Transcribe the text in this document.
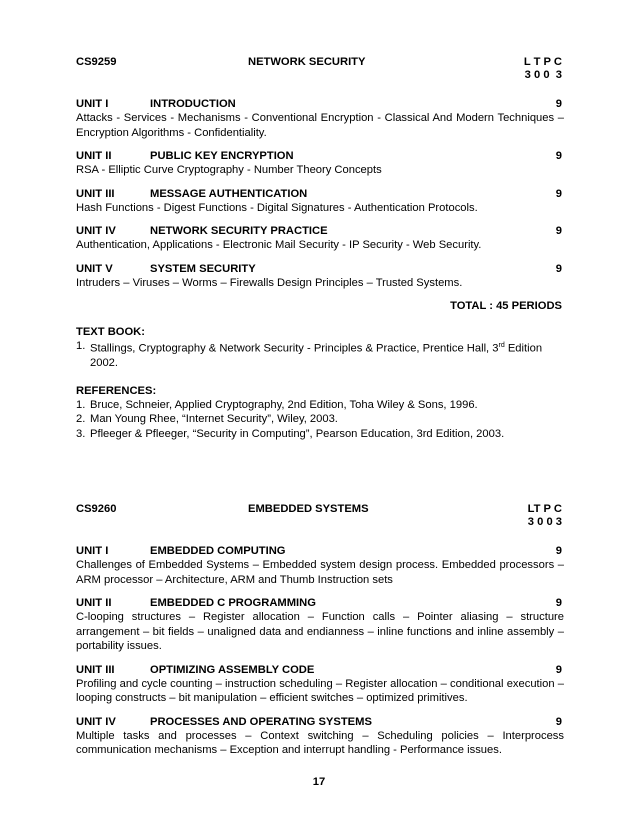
CS9259	NETWORK SECURITY	L T P C
3 0 0  3
UNIT I	INTRODUCTION	9
Attacks - Services - Mechanisms - Conventional Encryption - Classical And Modern Techniques – Encryption Algorithms - Confidentiality.
UNIT II	PUBLIC KEY ENCRYPTION	9
RSA - Elliptic Curve Cryptography - Number Theory Concepts
UNIT III	MESSAGE AUTHENTICATION	9
Hash Functions - Digest Functions - Digital Signatures - Authentication Protocols.
UNIT IV	NETWORK SECURITY PRACTICE	9
Authentication, Applications - Electronic Mail Security - IP Security - Web Security.
UNIT V	SYSTEM SECURITY	9
Intruders – Viruses – Worms – Firewalls Design Principles – Trusted Systems.
TOTAL : 45 PERIODS
TEXT BOOK:
1. Stallings, Cryptography & Network Security - Principles & Practice, Prentice Hall, 3rd Edition 2002.
REFERENCES:
1. Bruce, Schneier, Applied Cryptography, 2nd Edition, Toha Wiley & Sons, 1996.
2. Man Young Rhee, “Internet Security”, Wiley, 2003.
3. Pfleeger & Pfleeger, “Security in Computing”, Pearson Education, 3rd Edition, 2003.
CS9260	EMBEDDED SYSTEMS	LT P C
3 0 0 3
UNIT I	EMBEDDED COMPUTING	9
Challenges of Embedded Systems – Embedded system design process. Embedded processors – ARM processor – Architecture, ARM and Thumb Instruction sets
UNIT II	EMBEDDED C PROGRAMMING	9
C-looping structures – Register allocation – Function calls – Pointer aliasing – structure arrangement – bit fields – unaligned data and endianness – inline functions and inline assembly – portability issues.
UNIT III	OPTIMIZING ASSEMBLY CODE	9
Profiling and cycle counting – instruction scheduling – Register allocation – conditional execution – looping constructs – bit manipulation – efficient switches – optimized primitives.
UNIT IV	PROCESSES AND OPERATING SYSTEMS	9
Multiple tasks and processes – Context switching – Scheduling policies – Interprocess communication mechanisms – Exception and interrupt handling - Performance issues.
17
